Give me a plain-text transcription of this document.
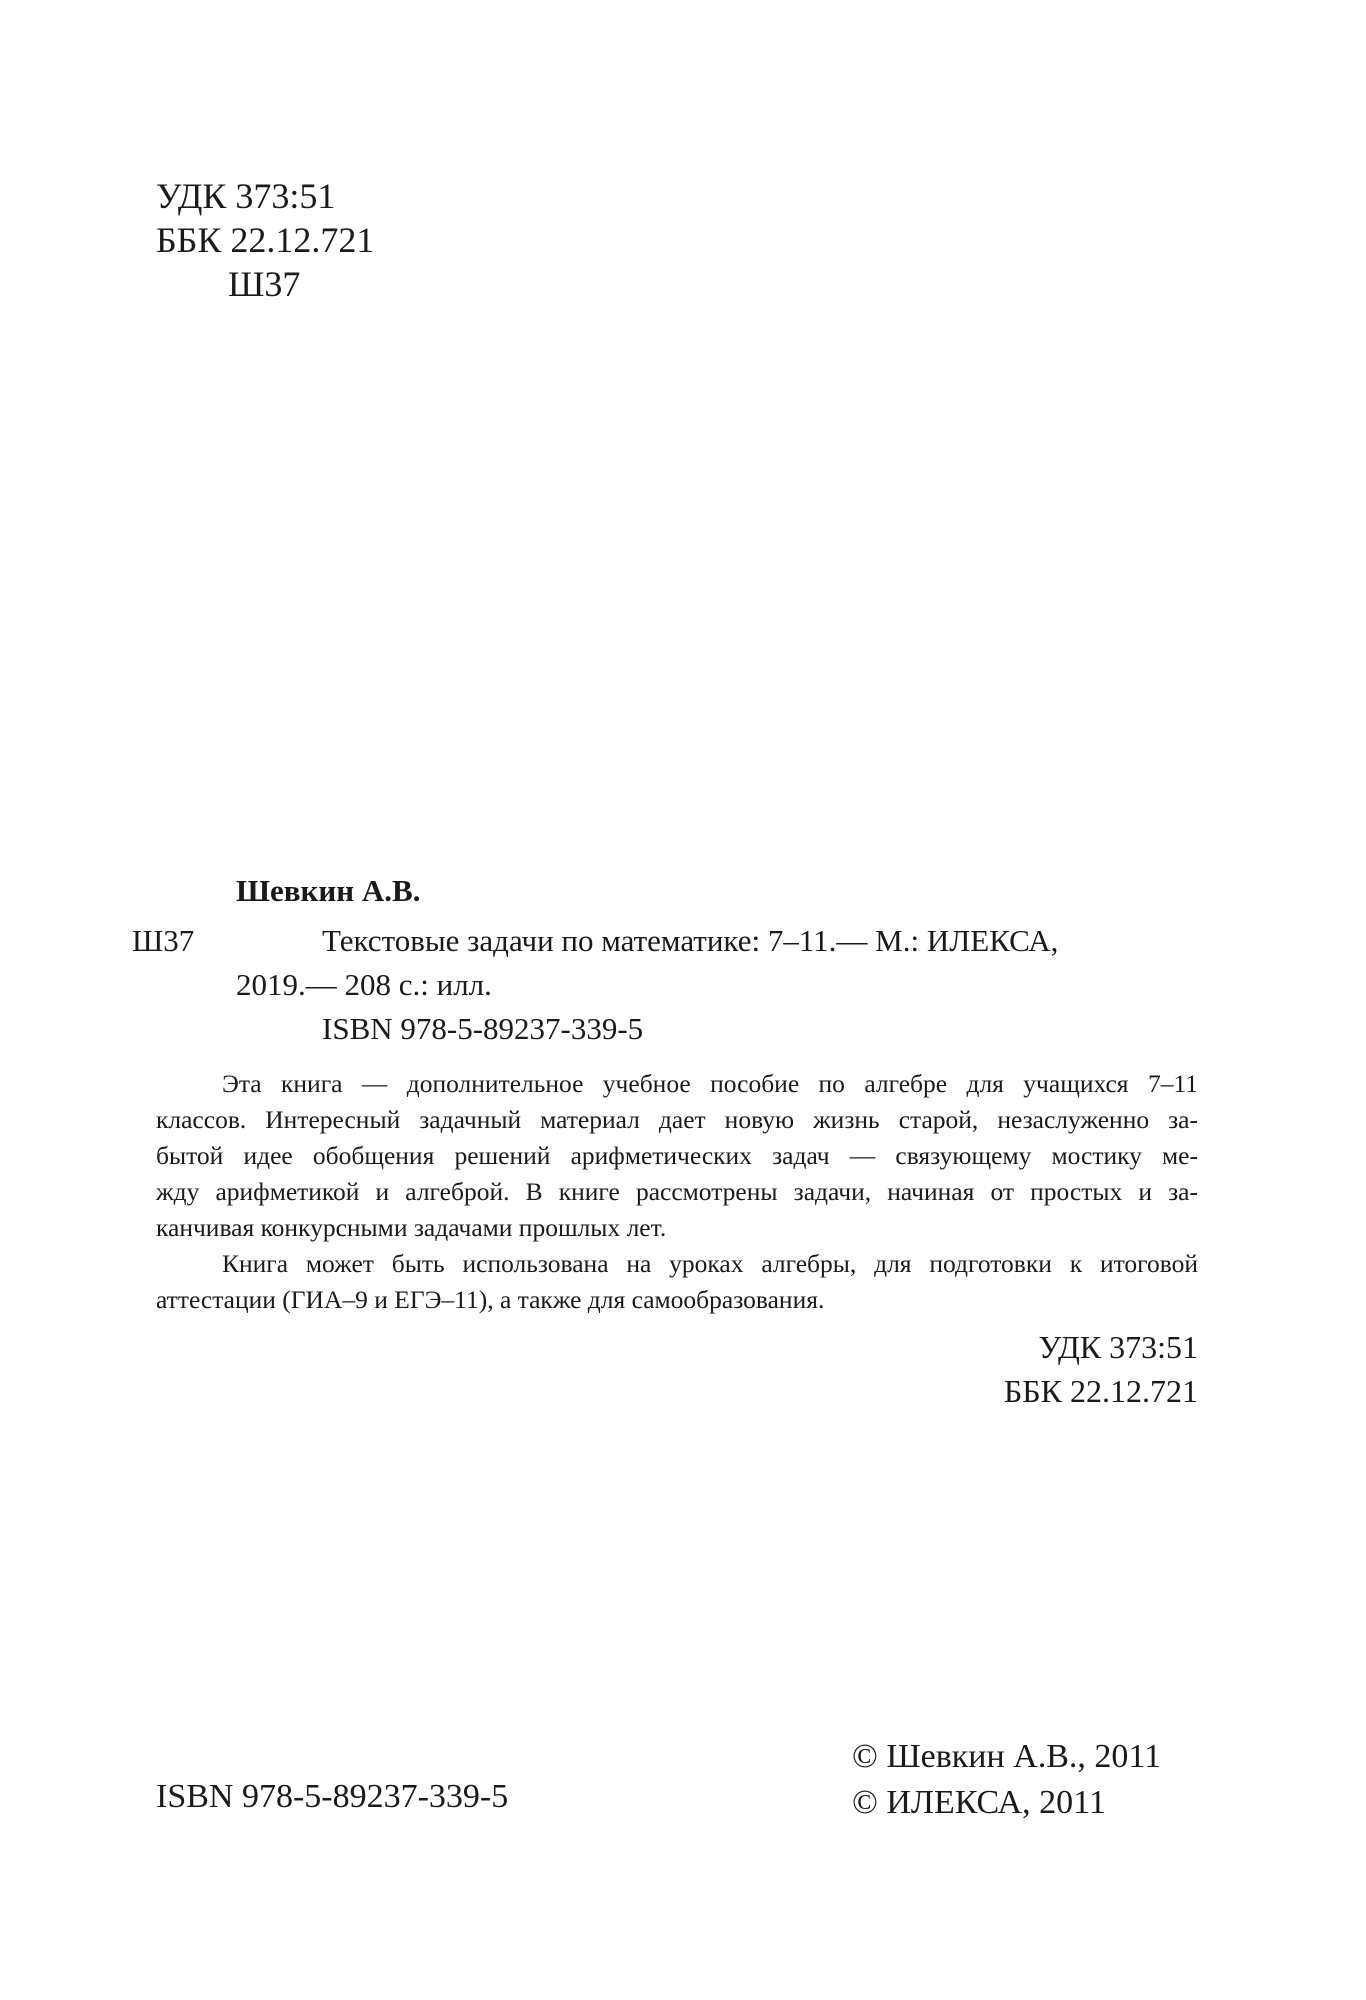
УДК 373:51
ББК 22.12.721
Ш37
Шевкин А.В.
Ш37	Текстовые задачи по математике: 7–11.— М.: ИЛЕКСА,
2019.— 208 с.: илл.
ISBN 978-5-89237-339-5

Эта книга — дополнительное учебное пособие по алгебре для учащихся 7–11
классов. Интересный задачный материал дает новую жизнь старой, незаслуженно за-
бытой идее обобщения решений арифметических задач — связующему мостику ме-
жду арифметикой и алгеброй. В книге рассмотрены задачи, начиная от простых и за-
канчивая конкурсными задачами прошлых лет.

Книга может быть использована на уроках алгебры, для подготовки к итоговой
аттестации (ГИА–9 и ЕГЭ–11), а также для самообразования.

УДК 373:51
ББК 22.12.721
ISBN 978-5-89237-339-5
© Шевкин А.В., 2011
© ИЛЕКСА, 2011
